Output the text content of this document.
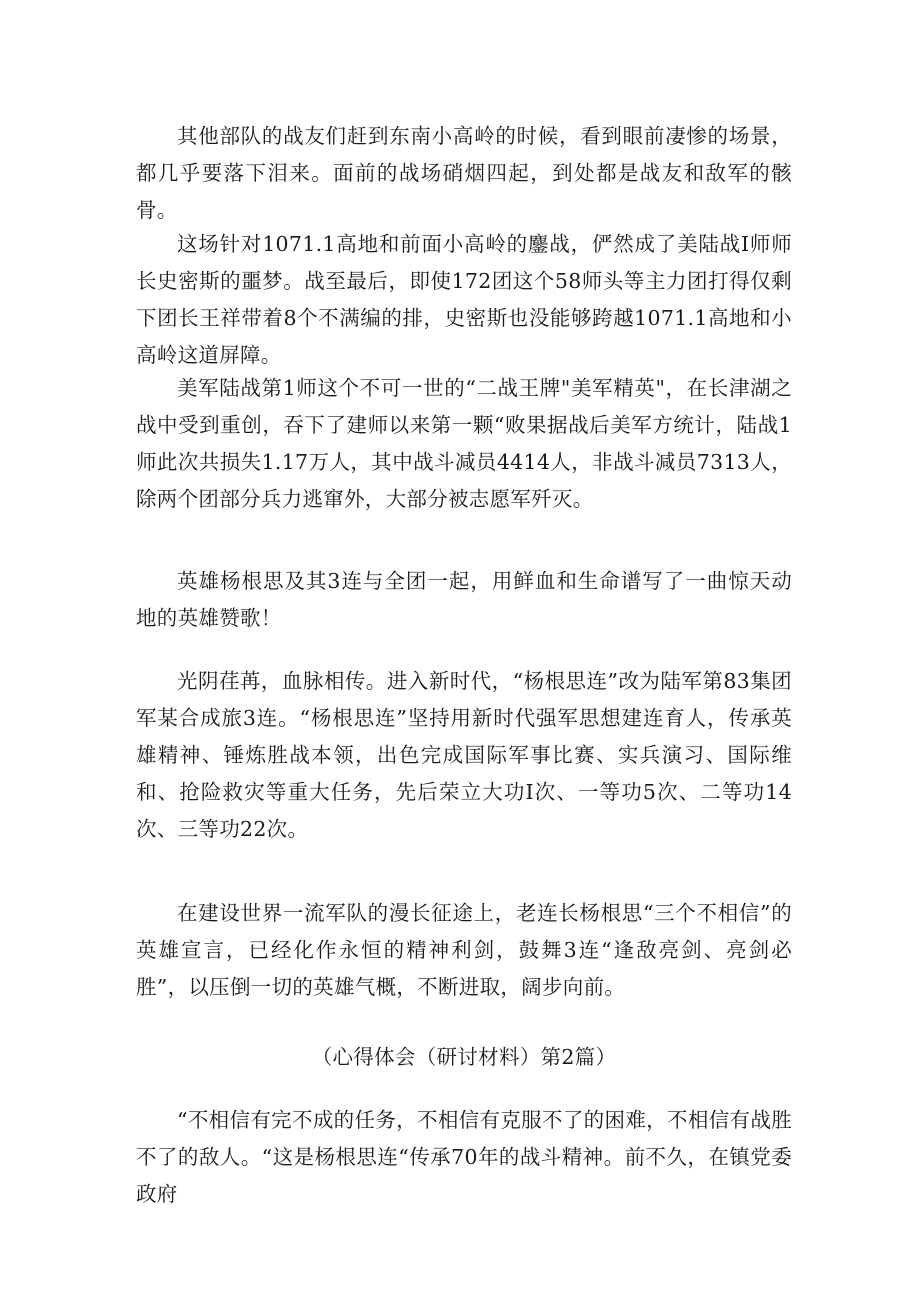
其他部队的战友们赶到东南小高岭的时候，看到眼前凄惨的场景，都几乎要落下泪来。面前的战场硝烟四起，到处都是战友和敌军的骸骨。

这场针对1071.1高地和前面小高岭的鏖战，俨然成了美陆战I师师长史密斯的噩梦。战至最后，即使172团这个58师头等主力团打得仅剩下团长王祥带着8个不满编的排，史密斯也没能够跨越1071.1高地和小高岭这道屏障。

美军陆战第1师这个不可一世的“二战王牌"美军精英"，在长津湖之战中受到重创，吞下了建师以来第一颗“败果据战后美军方统计，陆战1师此次共损失1.17万人，其中战斗减员4414人，非战斗减员7313人，除两个团部分兵力逃窜外，大部分被志愿军歼灭。

英雄杨根思及其3连与全团一起，用鲜血和生命谱写了一曲惊天动地的英雄赞歌！

光阴荏苒，血脉相传。进入新时代，“杨根思连”改为陆军第83集团军某合成旅3连。“杨根思连”坚持用新时代强军思想建连育人，传承英雄精神、锤炼胜战本领，出色完成国际军事比赛、实兵演习、国际维和、抢险救灾等重大任务，先后荣立大功I次、一等功5次、二等功14次、三等功22次。

在建设世界一流军队的漫长征途上，老连长杨根思“三个不相信”的英雄宣言，已经化作永恒的精神利剑，鼓舞3连“逢敌亮剑、亮剑必胜”，以压倒一切的英雄气概，不断进取，阔步向前。

（心得体会（研讨材料）第2篇）

“不相信有完不成的任务，不相信有克服不了的困难，不相信有战胜不了的敌人。“这是杨根思连“传承70年的战斗精神。前不久，在镇党委政府
